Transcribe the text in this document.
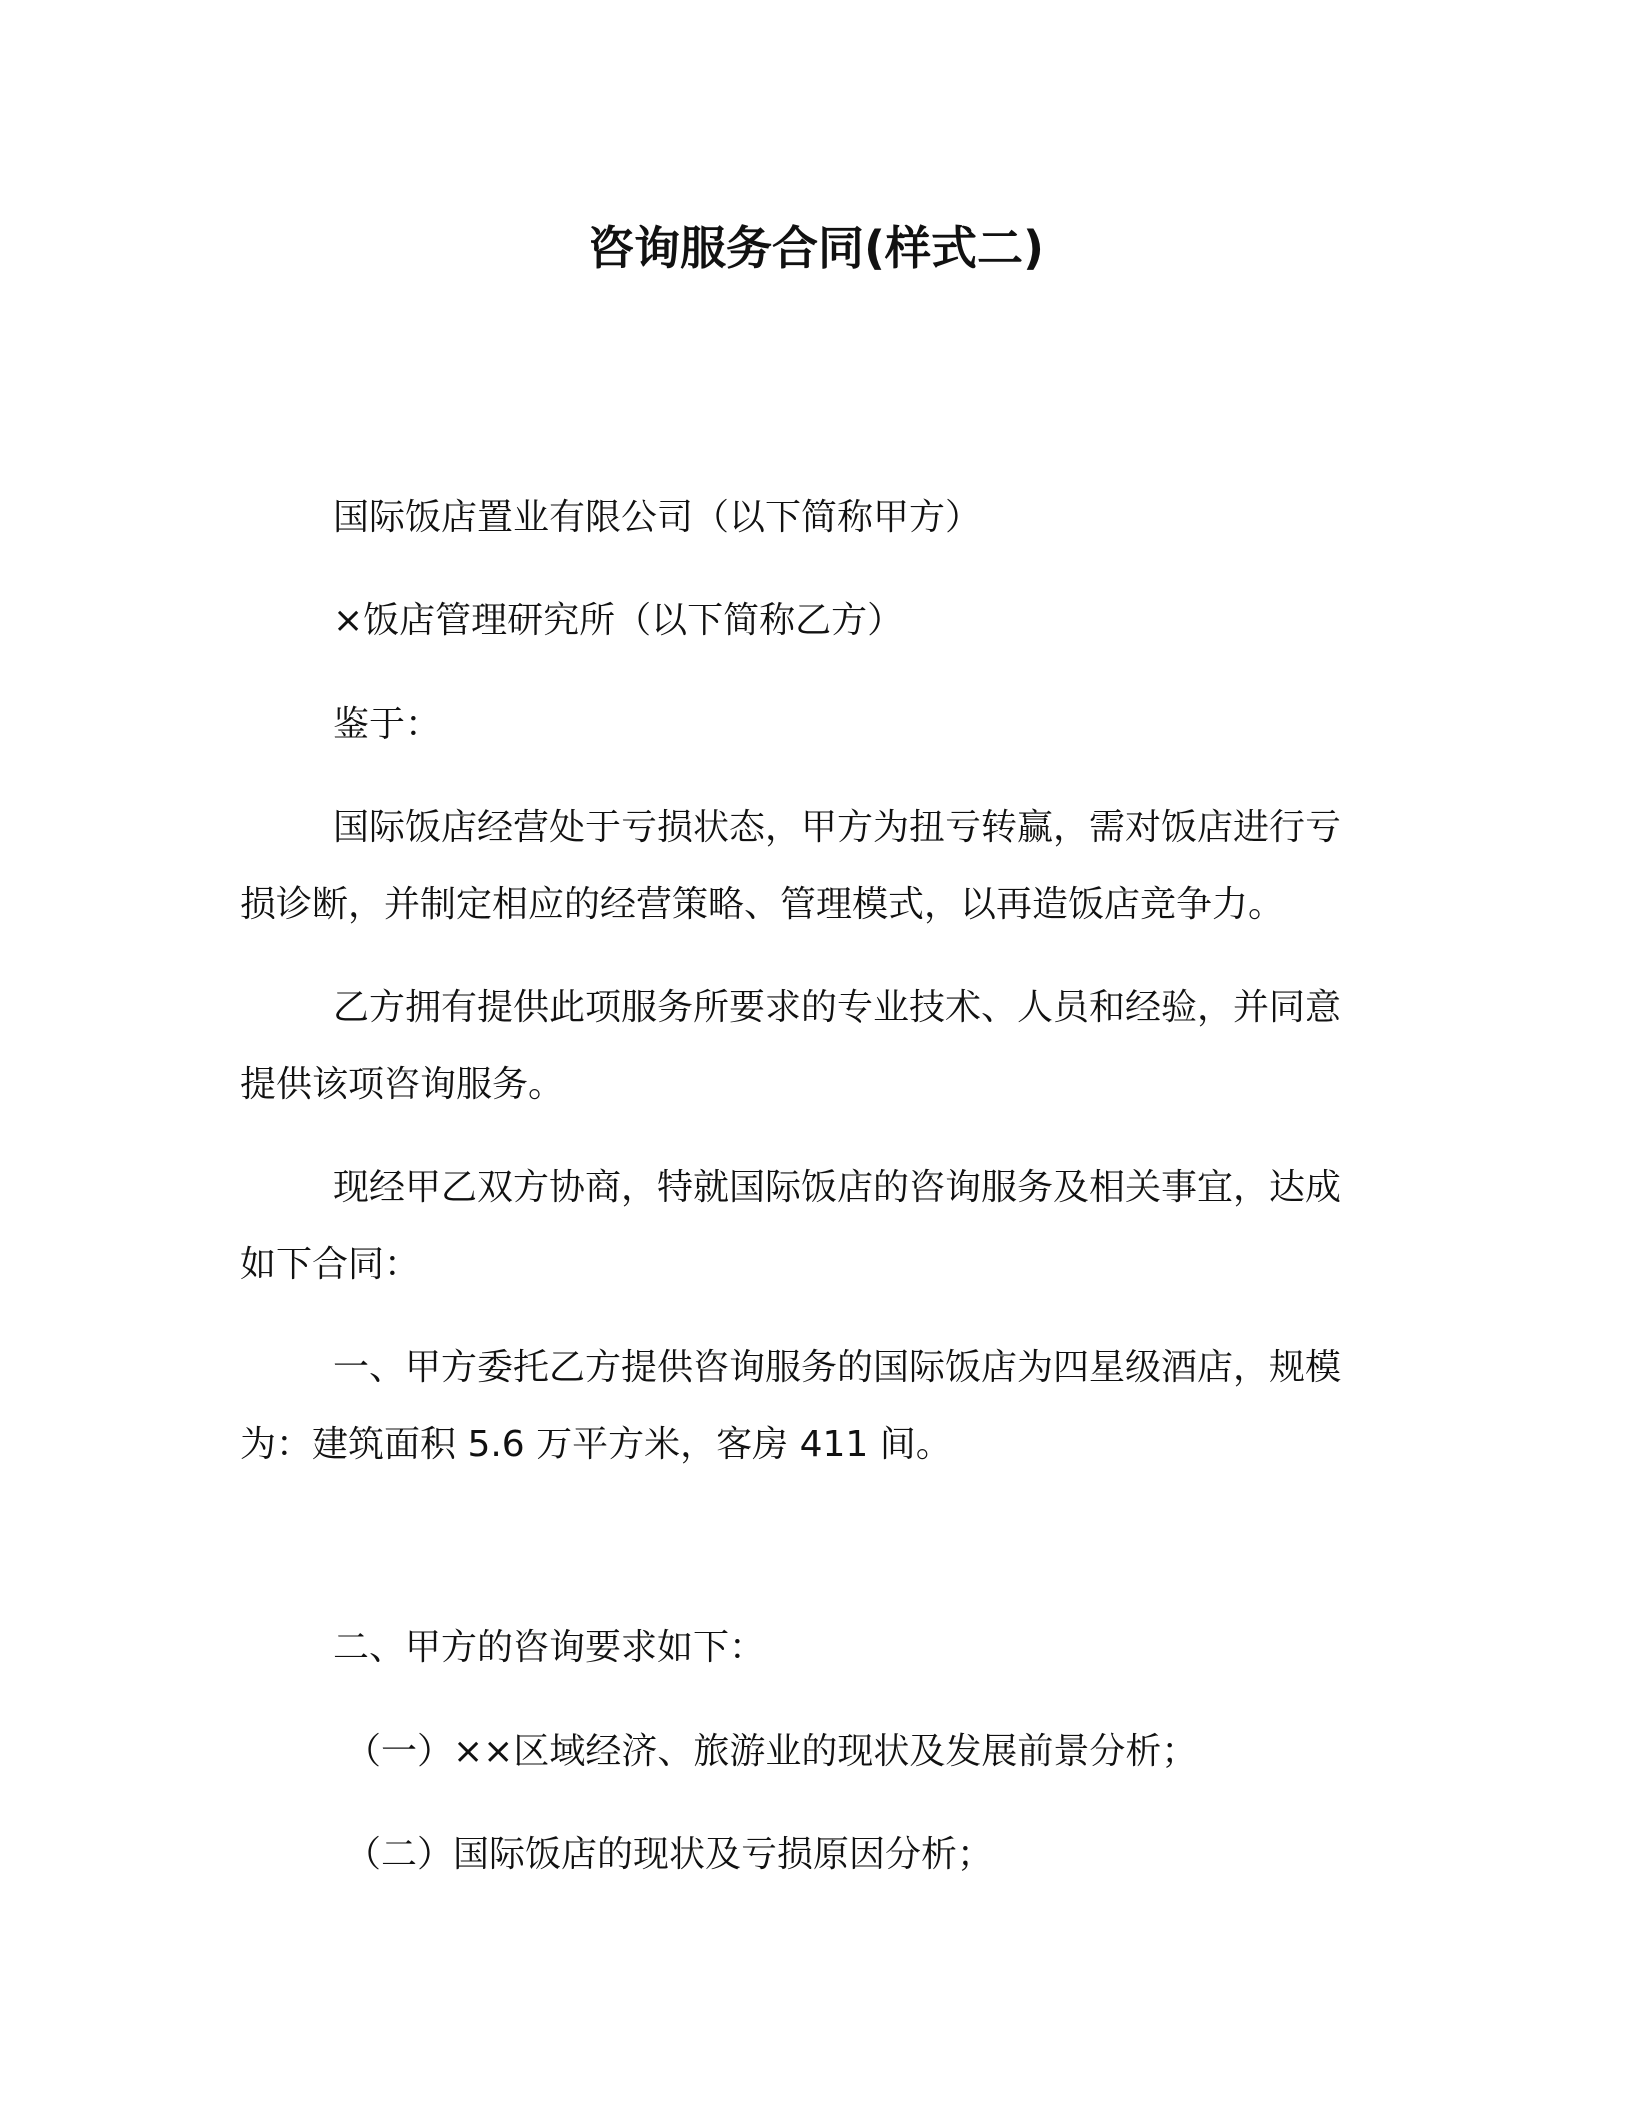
咨询服务合同(样式二)
国际饭店置业有限公司（以下简称甲方）
×饭店管理研究所（以下简称乙方）
鉴于：
国际饭店经营处于亏损状态，甲方为扭亏转赢，需对饭店进行亏
损诊断，并制定相应的经营策略、管理模式，以再造饭店竞争力。
乙方拥有提供此项服务所要求的专业技术、人员和经验，并同意
提供该项咨询服务。
现经甲乙双方协商，特就国际饭店的咨询服务及相关事宜，达成
如下合同：
一、甲方委托乙方提供咨询服务的国际饭店为四星级酒店，规模
为：建筑面积 5.6 万平方米，客房 411 间。
二、甲方的咨询要求如下：
（一）××区域经济、旅游业的现状及发展前景分析；
（二）国际饭店的现状及亏损原因分析；
